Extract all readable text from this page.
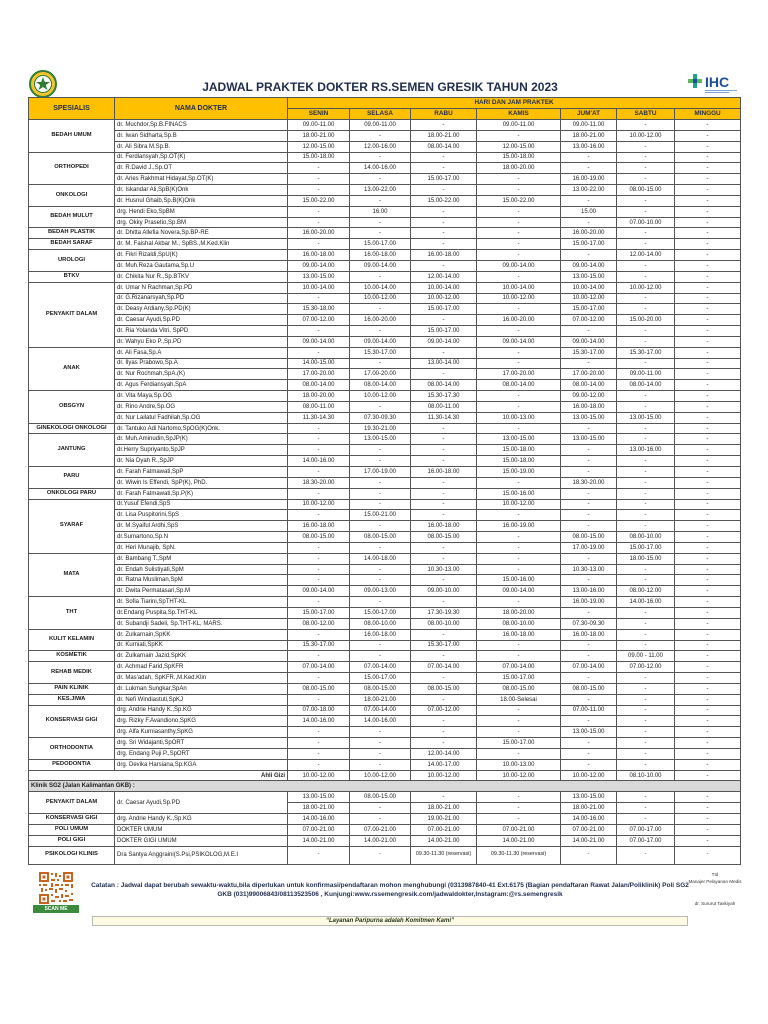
JADWAL PRAKTEK DOKTER RS.SEMEN GRESIK TAHUN 2023	IHC
SPESIALIS	NAMA DOKTER	HARI DAN JAM PRAKTEK						
		SENIN	SELASA	RABU	KAMIS	JUM'AT	SABTU	MINGGU
BEDAH UMUM	dr. Muchdor,Sp.B.FINACS	09.00-11.00	09.00-11.00	-	09.00-11.00	09.00-11.00	-	-
	dr. Iwan Sidharta,Sp.B	18.00-21.00	-	18.00-21.00	-	18.00-21.00	10.00-12.00	-
	dr. Ali Sibra M.Sp.B.	12.00-15.00	12.00-16.00	08.00-14.00	12.00-15.00	13.00-16.00	-	-
ORTHOPEDI	dr. Ferdiansyah,Sp.OT(K)	15.00-18.00	-	-	15.00-18.00	-	-	-
	dr. R.David J.,Sp.OT	-	14.00-16.00	-	18.00-20.00	-	-	-
	dr. Aries Rakhmat Hidayat,Sp.OT(K)	-	-	15.00-17.00	-	16.00-19.00	-	-
ONKOLOGI	dr. Iskandar Ali,SpB(K)Onk	-	13.00-22.00	-	-	13.00-22.00	08.00-15.00	-
	dr. Husnul Ghaib,Sp.B(K)Onk	15.00-22.00	-	15.00-22.00	15.00-22.00	-	-	-
BEDAH MULUT	drg. Hendi Eko,SpBM	-	16.00	-	-	15.00	-	-
	drg. Okky Prasetio,Sp.BM	-	-	-	-	-	07.00-10.00	-
BEDAH PLASTIK	dr. Dhitta Allefia Novera,Sp.BP-RE	16.00-20.00	-	-	-	16.00-20.00	-	-
BEDAH SARAF	dr. M. Faishal Akbar M., SpBS.,M.Ked.Klin	-	15.00-17.00	-	-	15.00-17.00	-	-
UROLOGI	dr. Fikri Rizaldi,SpU(K)	16.00-18.00	16.00-18.00	16.00-18.00	-	-	12.00-14.00	-
	dr. Muh.Reza Gautama,Sp.U	09.00-14.00	09.00-14.00	-	09.00-14.00	09.00-14.00	-	-
BTKV	dr. Chikita Nur R.,Sp.BTKV	13.00-15.00	-	12.00-14.00	-	13.00-15.00	-	-
PENYAKIT DALAM	dr. Umar N Rachman,Sp.PD	10.00-14.00	10.00-14.00	10.00-14.00	10.00-14.00	10.00-14.00	10.00-12.00	-
	dr. G.Rizanarsyah,Sp.PD	-	10.00-12.00	10.00-12.00	10.00-12.00	10.00-12.00	-	-
	dr. Deasy Ardiany,Sp.PD(K)	15.30-18.00	-	15.00-17.00	-	15.00-17.00	-	-
	dr. Caesar Ayudi,Sp.PD	07.00-12.00	16.00-20.00	-	16.00-20.00	07.00-12.00	15.00-20.00	-
	dr. Ria Yolanda Vitri, SpPD	-	-	15.00-17.00	-	-	-	-
	dr. Wahyu Eko P.,Sp.PD	09.00-14.00	09.00-14.00	09.00-14.00	09.00-14.00	09.00-14.00	-	-
ANAK	dr. Ali Fasa,Sp.A	-	15.30-17.00	-	-	15.30-17.00	15.30-17.00	-
	dr. Ilyas Prabowo,Sp.A	14.00-15.00	-	13.00-14.00	-	-	-	-
	dr. Nur Rochmah,SpA.(K)	17.00-20.00	17.00-20.00	-	17.00-20.00	17.00-20.00	09.00-11.00	-
	dr. Agus Ferdiansyah,SpA	08.00-14.00	08.00-14.00	08.00-14.00	08.00-14.00	08.00-14.00	08.00-14.00	-
OBSGYN	dr. Vita Maya,Sp.OG	18.00-20.00	10.00-12.00	15.30-17.30	-	09.00-12.00	-	-
	dr. Rino Andre,Sp.OG	08.00-11.00	-	08.00-11.00	-	16.00-18.00	-	-
	dr. Nur Lailatul Fadhilah,Sp.OG	11.30-14.30	07.30-09.30	11.30-14.30	10.00-13.00	13.00-15.00	13.00-15.00	-
GINEKOLOGI ONKOLOGI	dr. Tantuko Adi Nartomo,SpOG(K)Onk.	-	19.30-21.00	-	-	-	-	-
JANTUNG	dr. Muh.Aminudin,SpJP(K)	-	13.00-15.00	-	13.00-15.00	13.00-15.00	-	-
	dr.Herry Supriyanto,SpJP	-	-	-	15.00-18.00	-	13.00-16.00	-
	dr. Nia Dyah R.,SpJP	14.00-16.00	-	-	15.00-18.00	-	-	-
PARU	dr. Farah Fatmawati,SpP	-	17.00-19.00	16.00-18.00	15.00-19.00	-	-	-
	dr. Wiwin Is Effendi, SpP(K), PhD.	18.30-20.00	-	-	-	18.30-20.00	-	-
ONKOLOGI PARU	dr. Farah Fatmawati,Sp.P(K)	-	-	-	15.00-16.00	-	-	-
SYARAF	dr.Yusuf Efendi,SpS	10.00-12.00	-	-	10.00-12.00	-	-	-
	dr. Lisa Puspitorini,SpS	-	15.00-21.00	-	-	-	-	-
	dr. M.Syaiful Ardhi,SpS	16.00-18.00	-	16.00-18.00	16.00-19.00	-	-	-
	dr.Sumartono,Sp.N	08.00-15.00	08.00-15.00	08.00-15.00	-	08.00-15.00	08.00-10.00	-
	dr. Heri Munajib, SpN.	-	-	-	-	17.00-19.00	15.00-17.00	-
MATA	dr. Bambang T.,SpM	-	14.00-18.00	-	-	-	18.00-15.00	-
	dr. Endah Sulistiyati,SpM	-	-	10.30-13.00	-	10.30-13.00	-	-
	dr. Ratna Musliman,SpM	-	-	-	15.00-16.00	-	-	-
	dr. Dwita Permatasari,Sp.M	09.00-14.00	09.00-13.00	09.00-10.00	09.00-14.00	13.00-16.00	08.00-12.00	-
THT	dr. Sofia Tiarini,SpTHT-KL	-	-	-	-	16.00-19.00	14.00-16.00	-
	dr.Endang Puspita,Sp.THT-KL	15.00-17.00	15.00-17.00	17.30-19.30	18.00-20.00	-	-	-
	dr. Subandji Sadeli, Sp.THT-KL, MARS.	08.00-12.00	08.00-10.00	08.00-10.00	08.00-10.00	07.30-09.30	-	-
KULIT KELAMIN	dr. Zulkarnain,SpKK	-	16.00-18.00	-	16.00-18.00	16.00-18.00	-	-
	dr. Kurniati,SpKK	15.30-17.00	-	15.30-17.00	-	-	-	-
KOSMETIK	dr. Zulkarnain Jazid,SpKK	-	-	-	-	-	09.00 - 11.00	-
REHAB MEDIK	dr. Achmad Farid,SpKFR	07.00-14.00	07.00-14.00	07.00-14.00	07.00-14.00	07.00-14.00	07.00-12.00	-
	dr. Mas'adah, SpKFR.,M.Ked.Klin	-	15.00-17.00	-	15.00-17.00	-	-	-
PAIN KLINIK	dr. Lukman Sungkar,SpAn	08.00-15.00	08.00-15.00	08.00-15.00	08.00-15.00	08.00-15.00	-	-
KES.JIWA	dr. Nefi Windiastuti,SpKJ	-	18.00-21.00	-	18.00-Selesai	-	-	-
KONSERVASI GIGI	drg. Andrie Handy K.,Sp.KG	07.00-18.00	07.00-14.00	07.00-12.00	-	07.00-11.00	-	-
	drg. Rizky F.Avandiono,SpKG	14.00-16.00	14.00-16.00	-	-	-	-	-
	drg. Alfa Kurniasanthy,SpKG	-	-	-	-	13.00-15.00	-	-
ORTHODONTIA	drg. Sri Widajanti,SpORT	-	-	-	15.00-17.00	-	-	-
	drg. Endang Puji P.,SpORT	-	-	12.00-14.00	-	-	-	-
PEDODONTIA	drg. Devika Harsiana,Sp.KGA	-	-	14.00-17.00	10.00-13.00	-	-	-
Ahli Gizi		10.00-12.00	10.00-12.00	10.00-12.00	10.00-12.00	10.00-12.00	08.10-10.00	-
Klinik SG2 (Jalan Kalimantan GKB) :								
PENYAKIT DALAM	dr. Caesar Ayudi,Sp.PD	13.00-15.00	08.00-15.00	-	-	13.00-15.00	-	-
		18.00-21.00	-	18.00-21.00	-	18.00-21.00	-	-
KONSERVASI GIGI	drg. Andrie Handy K.,Sp.KG	14.00-16.00	-	19.00-21.00	-	14.00-16.00	-	-
POLI UMUM	DOKTER UMUM	07.00-21.00	07.00-21.00	07.00-21.00	07.00-21.00	07.00-21.00	07.00-17.00	-
POLI GIGI	DOKTER GIGI UMUM	14.00-21.00	14.00-21.00	14.00-21.00	14.00-21.00	14.00-21.00	07.00-17.00	-
PSIKOLOGI KLINIS	Dra Santya Anggraini(S.Psi,PSIKOLOG,M.E.I	-	-	09.30-11.30 (reservasi)	09.30-11.30 (reservasi)	-	-	-
SCAN ME
Catatan : Jadwal dapat berubah sewaktu-waktu,bila diperlukan untuk konfirmasi/pendaftaran mohon menghubungi (0313987840-41 Ext.6175 (Bagian pendaftaran Rawat Jalan/Poliklinik) Poli SG2 GKB (031)99006843/08113523506 , Kunjungi:www.rssemengresik.com/jadwaldokter,Instagram:@rs.semengresik
Ttd
Manajer Pelayanan Medis
dr. Sururut Taskiyah
“Layanan Paripurna adalah Komitmen Kami”
